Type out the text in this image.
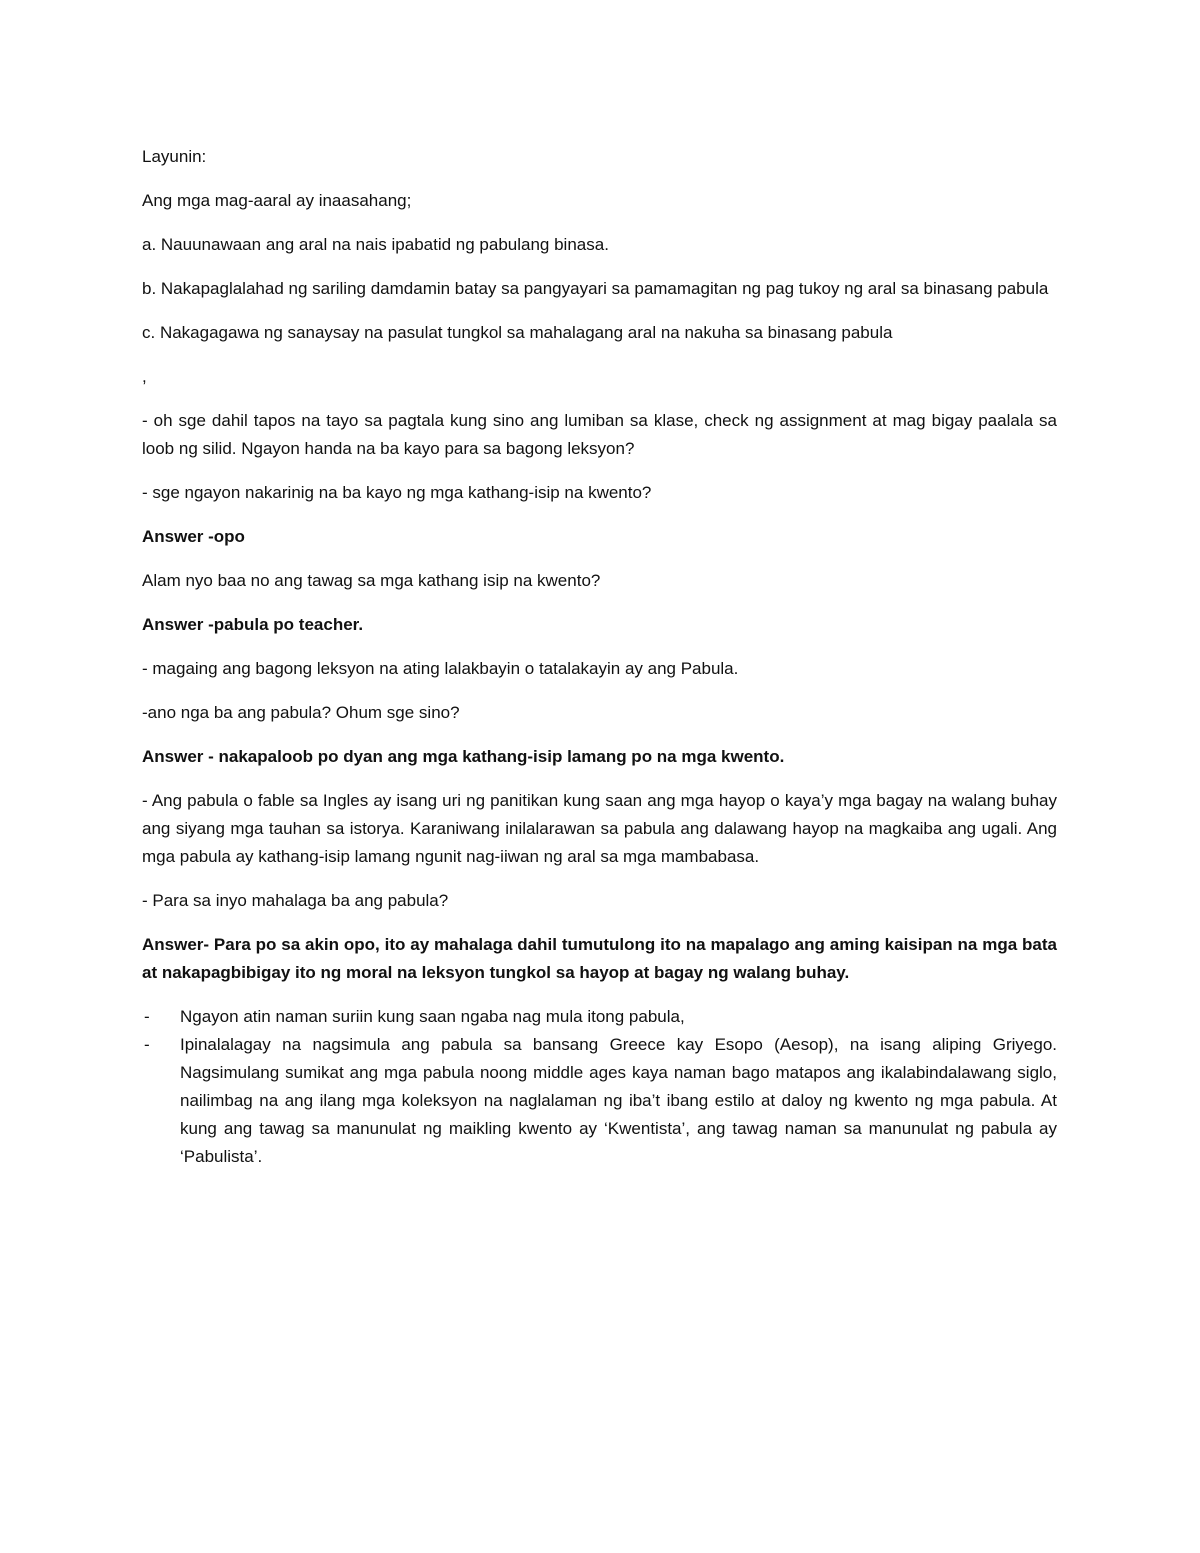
Layunin:

Ang mga mag-aaral ay inaasahang;

a. Nauunawaan ang aral na nais ipabatid ng pabulang binasa.

b. Nakapaglalahad ng sariling damdamin batay sa pangyayari sa pamamagitan ng pag tukoy ng aral sa binasang pabula

c. Nakagagawa ng sanaysay na pasulat tungkol sa mahalagang aral na nakuha sa binasang pabula

,

- oh sge dahil tapos na tayo sa pagtala kung sino ang lumiban sa klase, check ng assignment at mag bigay paalala sa loob ng silid. Ngayon handa na ba kayo para sa bagong leksyon?

- sge ngayon nakarinig na ba kayo ng mga kathang-isip na kwento?

Answer -opo

Alam nyo baa no ang tawag sa mga kathang isip na kwento?

Answer -pabula po teacher.

- magaing ang bagong leksyon na ating lalakbayin o tatalakayin ay ang Pabula.

-ano nga ba ang pabula? Ohum sge sino?

Answer - nakapaloob po dyan ang mga kathang-isip lamang po na mga kwento.

- Ang pabula o fable sa Ingles ay isang uri ng panitikan kung saan ang mga hayop o kaya’y mga bagay na walang buhay ang siyang mga tauhan sa istorya. Karaniwang inilalarawan sa pabula ang dalawang hayop na magkaiba ang ugali. Ang mga pabula ay kathang-isip lamang ngunit nag-iiwan ng aral sa mga mambabasa.

- Para sa inyo mahalaga ba ang pabula?

Answer- Para po sa akin opo, ito ay mahalaga dahil tumutulong ito na mapalago ang aming kaisipan na mga bata at nakapagbibigay ito ng moral na leksyon tungkol sa hayop at bagay ng walang buhay.

- Ngayon atin naman suriin kung saan ngaba nag mula itong pabula,
- Ipinalalagay na nagsimula ang pabula sa bansang Greece kay Esopo (Aesop), na isang aliping Griyego. Nagsimulang sumikat ang mga pabula noong middle ages kaya naman bago matapos ang ikalabindalawang siglo, nailimbag na ang ilang mga koleksyon na naglalaman ng iba’t ibang estilo at daloy ng kwento ng mga pabula. At kung ang tawag sa manunulat ng maikling kwento ay ‘Kwentista’, ang tawag naman sa manunulat ng pabula ay ‘Pabulista’.
